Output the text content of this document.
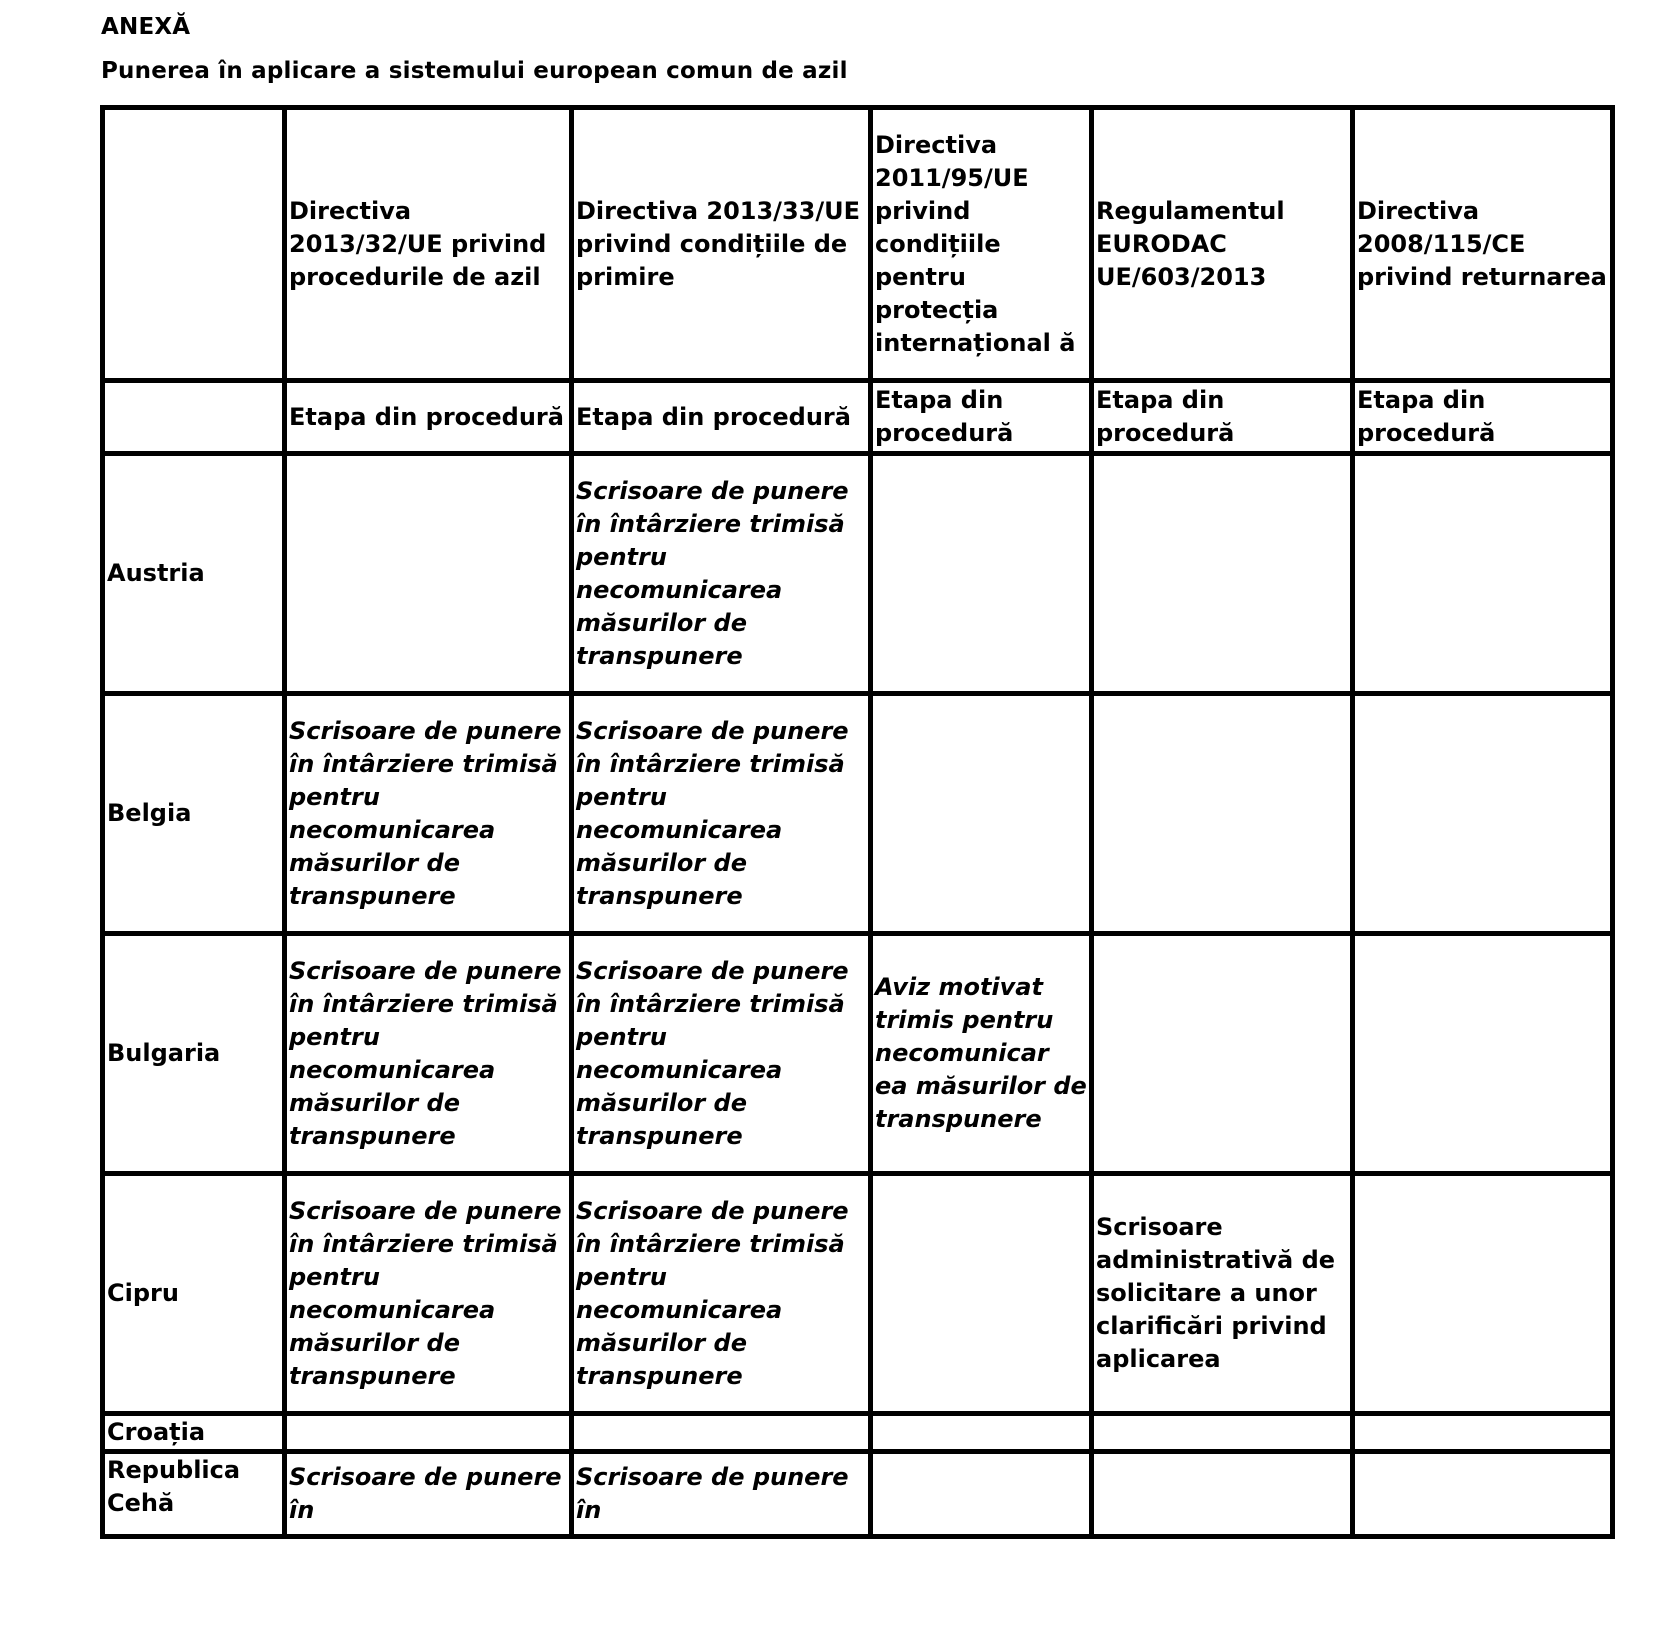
ANEXĂ
Punerea în aplicare a sistemului european comun de azil
	Directiva 2013/32/UE privind procedurile de azil	Directiva 2013/33/UE privind condițiile de primire	Directiva 2011/95/UE privind condițiile pentru protecția internațional ă	Regulamentul EURODAC UE/603/2013	Directiva 2008/115/CE privind returnarea
	Etapa din procedură	Etapa din procedură	Etapa din procedură	Etapa din procedură	Etapa din procedură
Austria		Scrisoare de punere în întârziere trimisă pentru necomunicarea măsurilor de transpunere			
Belgia	Scrisoare de punere în întârziere trimisă pentru necomunicarea măsurilor de transpunere	Scrisoare de punere în întârziere trimisă pentru necomunicarea măsurilor de transpunere			
Bulgaria	Scrisoare de punere în întârziere trimisă pentru necomunicarea măsurilor de transpunere	Scrisoare de punere în întârziere trimisă pentru necomunicarea măsurilor de transpunere	Aviz motivat trimis pentru necomunicar ea măsurilor de transpunere		
Cipru	Scrisoare de punere în întârziere trimisă pentru necomunicarea măsurilor de transpunere	Scrisoare de punere în întârziere trimisă pentru necomunicarea măsurilor de transpunere		Scrisoare administrativă de solicitare a unor clarificări privind aplicarea	
Croația					
Republica Cehă	Scrisoare de punere în	Scrisoare de punere în			
